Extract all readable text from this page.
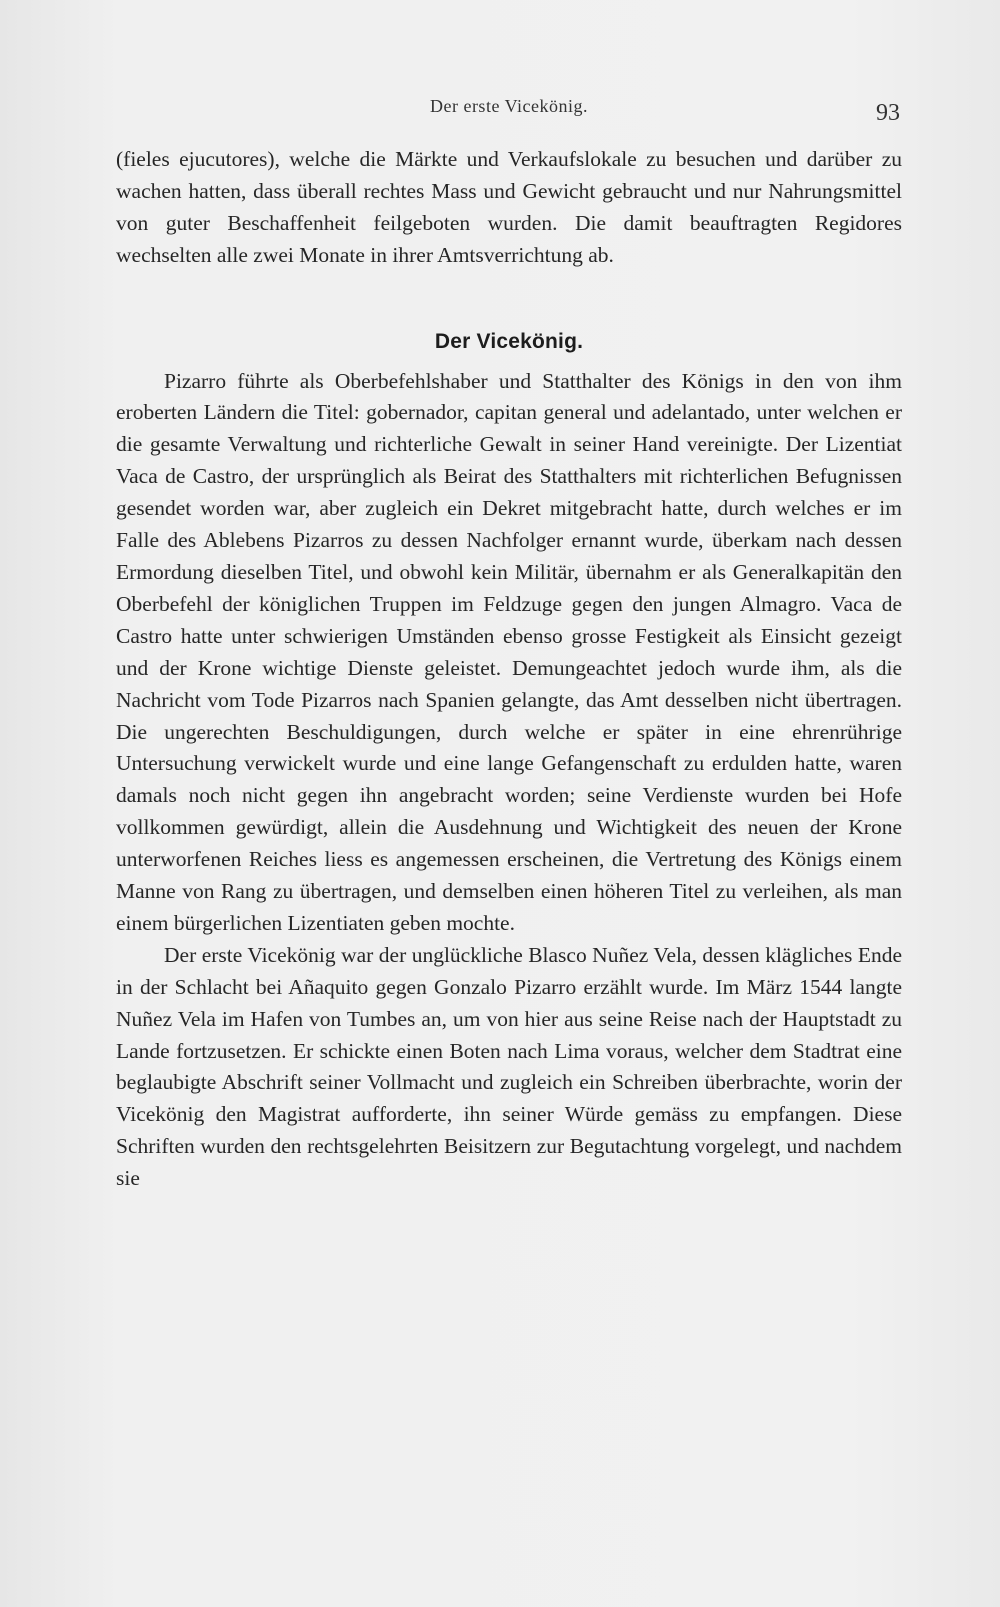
Der erste Vicekönig.	93

(fieles ejucutores), welche die Märkte und Verkaufslokale zu besuchen und darüber zu wachen hatten, dass überall rechtes Mass und Gewicht gebraucht und nur Nahrungsmittel von guter Beschaffenheit feilgeboten wurden. Die damit beauftragten Regidores wechselten alle zwei Monate in ihrer Amtsverrichtung ab.

Der Vicekönig.

Pizarro führte als Oberbefehlshaber und Statthalter des Königs in den von ihm eroberten Ländern die Titel: gobernador, capitan general und adelantado, unter welchen er die gesamte Verwaltung und richterliche Gewalt in seiner Hand vereinigte. Der Lizentiat Vaca de Castro, der ursprünglich als Beirat des Statthalters mit richterlichen Befugnissen gesendet worden war, aber zugleich ein Dekret mitgebracht hatte, durch welches er im Falle des Ablebens Pizarros zu dessen Nachfolger ernannt wurde, überkam nach dessen Ermordung dieselben Titel, und obwohl kein Militär, übernahm er als Generalkapitän den Oberbefehl der königlichen Truppen im Feldzuge gegen den jungen Almagro. Vaca de Castro hatte unter schwierigen Umständen ebenso grosse Festigkeit als Einsicht gezeigt und der Krone wichtige Dienste geleistet. Demungeachtet jedoch wurde ihm, als die Nachricht vom Tode Pizarros nach Spanien gelangte, das Amt desselben nicht übertragen. Die ungerechten Beschuldigungen, durch welche er später in eine ehrenrührige Untersuchung verwickelt wurde und eine lange Gefangenschaft zu erdulden hatte, waren damals noch nicht gegen ihn angebracht worden; seine Verdienste wurden bei Hofe vollkommen gewürdigt, allein die Ausdehnung und Wichtigkeit des neuen der Krone unterworfenen Reiches liess es angemessen erscheinen, die Vertretung des Königs einem Manne von Rang zu übertragen, und demselben einen höheren Titel zu verleihen, als man einem bürgerlichen Lizentiaten geben mochte.

Der erste Vicekönig war der unglückliche Blasco Nuñez Vela, dessen klägliches Ende in der Schlacht bei Añaquito gegen Gonzalo Pizarro erzählt wurde. Im März 1544 langte Nuñez Vela im Hafen von Tumbes an, um von hier aus seine Reise nach der Hauptstadt zu Lande fortzusetzen. Er schickte einen Boten nach Lima voraus, welcher dem Stadtrat eine beglaubigte Abschrift seiner Vollmacht und zugleich ein Schreiben überbrachte, worin der Vicekönig den Magistrat aufforderte, ihn seiner Würde gemäss zu empfangen. Diese Schriften wurden den rechtsgelehrten Beisitzern zur Begutachtung vorgelegt, und nachdem sie
